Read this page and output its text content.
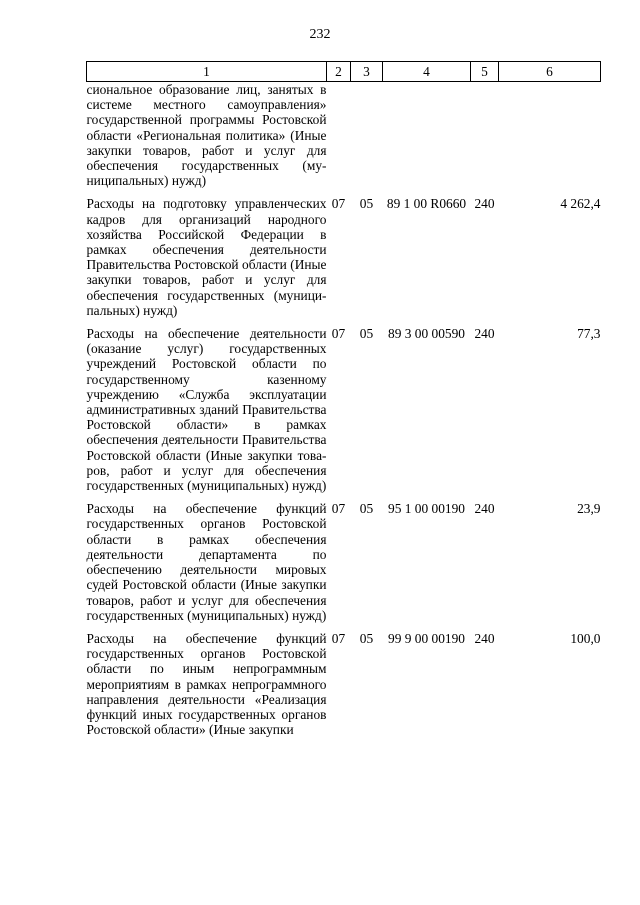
232
1	2	3	4	5	6
сиональное образование лиц, занятых в системе местного самоуправления» государственной программы Ростовской области «Региональная политика» (Иные закупки товаров, работ и услуг для обеспечения государственных (муниципальных) нужд)					
Расходы на подготовку управленческих кадров для организаций народного хозяйства Российской Федерации в рамках обеспечения деятельности Правительства Ростовской области (Иные закупки товаров, работ и услуг для обеспечения государственных (муниципальных) нужд)	07	05	89 1 00 R0660	240	4 262,4
Расходы на обеспечение деятельности (оказание услуг) государственных учреждений Ростовской области по государственному казенному учреждению «Служба эксплуатации административных зданий Правительства Ростовской области» в рамках обеспечения деятельности Правительства Ростовской области (Иные закупки товаров, работ и услуг для обеспечения государственных (муниципальных) нужд)	07	05	89 3 00 00590	240	77,3
Расходы на обеспечение функций государственных органов Ростовской области в рамках обеспечения деятельности департамента по обеспечению деятельности мировых судей Ростовской области (Иные закупки товаров, работ и услуг для обеспечения государственных (муниципальных) нужд)	07	05	95 1 00 00190	240	23,9
Расходы на обеспечение функций государственных органов Ростовской области по иным непрограммным мероприятиям в рамках непрограммного направления деятельности «Реализация функций иных государственных органов Ростовской области» (Иные закупки	07	05	99 9 00 00190	240	100,0
